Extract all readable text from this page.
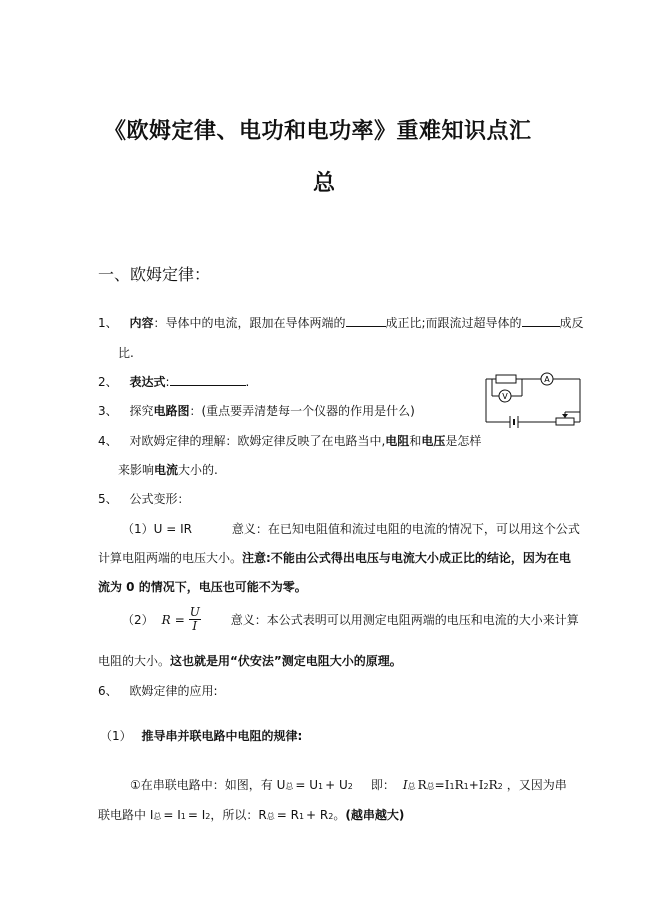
《欧姆定律、电功和电功率》重难知识点汇
总
一、欧姆定律：
1、 内容：导体中的电流，跟加在导体两端的	成正比;而跟流过超导体的	成反
比.
2、 表达式:	.
3、 探究电路图：(重点要弄清楚每一个仪器的作用是什么)
4、 对欧姆定律的理解：欧姆定律反映了在电路当中,电阻和电压是怎样
来影响电流大小的.
A
V
5、 公式变形：
（1）U = IR	意义：在已知电阻值和流过电阻的电流的情况下，可以用这个公式
计算电阻两端的电压大小。注意:不能由公式得出电压与电流大小成正比的结论，因为在电
流为 0 的情况下，电压也可能不为零。
（2） $R = \frac{U}{I}$	意义：本公式表明可以用测定电阻两端的电压和电流的大小来计算
电阻的大小。这也就是用“伏安法”测定电阻大小的原理。
6、 欧姆定律的应用:
（1） 推导串并联电路中电阻的规律:
①在串联电路中：如图，有 U 总 = U 1 + U 2 即： I 总 R 总 =I 1 R 1 +I 2 R 2 ，又因为串
联电路中 I 总 = I 1 = I 2 ，所以：R 总 = R 1 + R 2 。 (越串越大)
